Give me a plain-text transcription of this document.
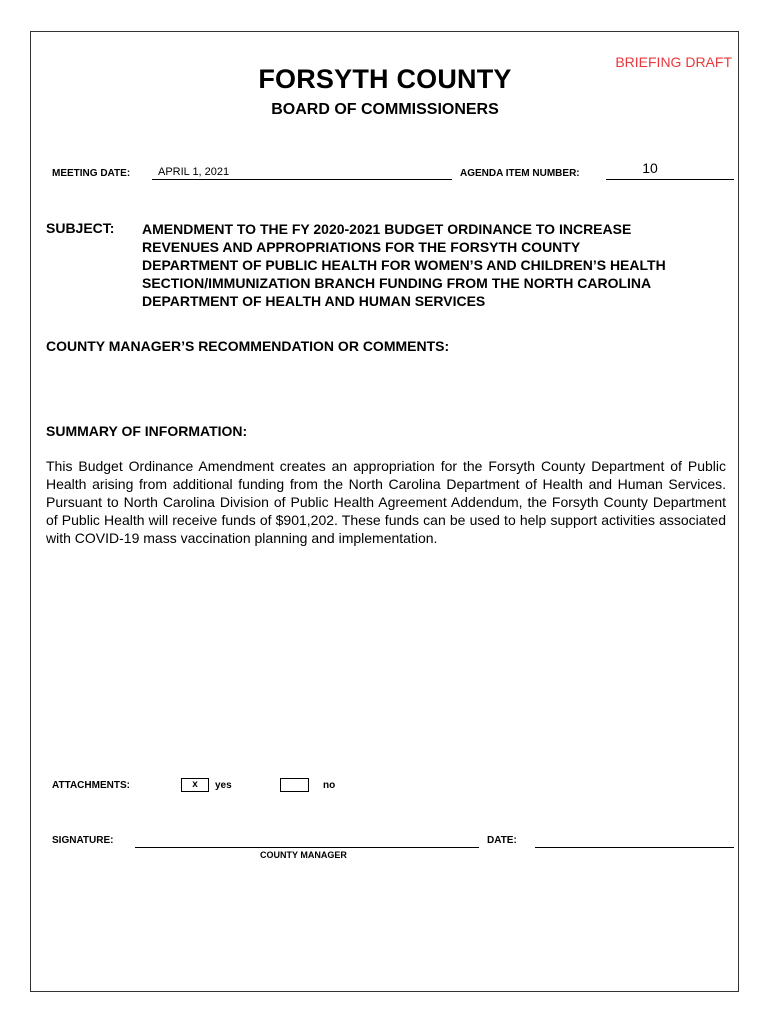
BRIEFING DRAFT
FORSYTH COUNTY
BOARD OF COMMISSIONERS
MEETING DATE:	APRIL 1, 2021	AGENDA ITEM NUMBER:	10
SUBJECT: AMENDMENT TO THE FY 2020-2021 BUDGET ORDINANCE TO INCREASE
REVENUES AND APPROPRIATIONS FOR THE FORSYTH COUNTY
DEPARTMENT OF PUBLIC HEALTH FOR WOMEN’S AND CHILDREN’S HEALTH
SECTION/IMMUNIZATION BRANCH FUNDING FROM THE NORTH CAROLINA
DEPARTMENT OF HEALTH AND HUMAN SERVICES
COUNTY MANAGER’S RECOMMENDATION OR COMMENTS:
SUMMARY OF INFORMATION:
This Budget Ordinance Amendment creates an appropriation for the Forsyth County Department of Public Health arising from additional funding from the North Carolina Department of Health and Human Services. Pursuant to North Carolina Division of Public Health Agreement Addendum, the Forsyth County Department of Public Health will receive funds of $901,202. These funds can be used to help support activities associated with COVID-19 mass vaccination planning and implementation.
ATTACHMENTS:	x	yes	no
SIGNATURE:
COUNTY MANAGER
DATE:
